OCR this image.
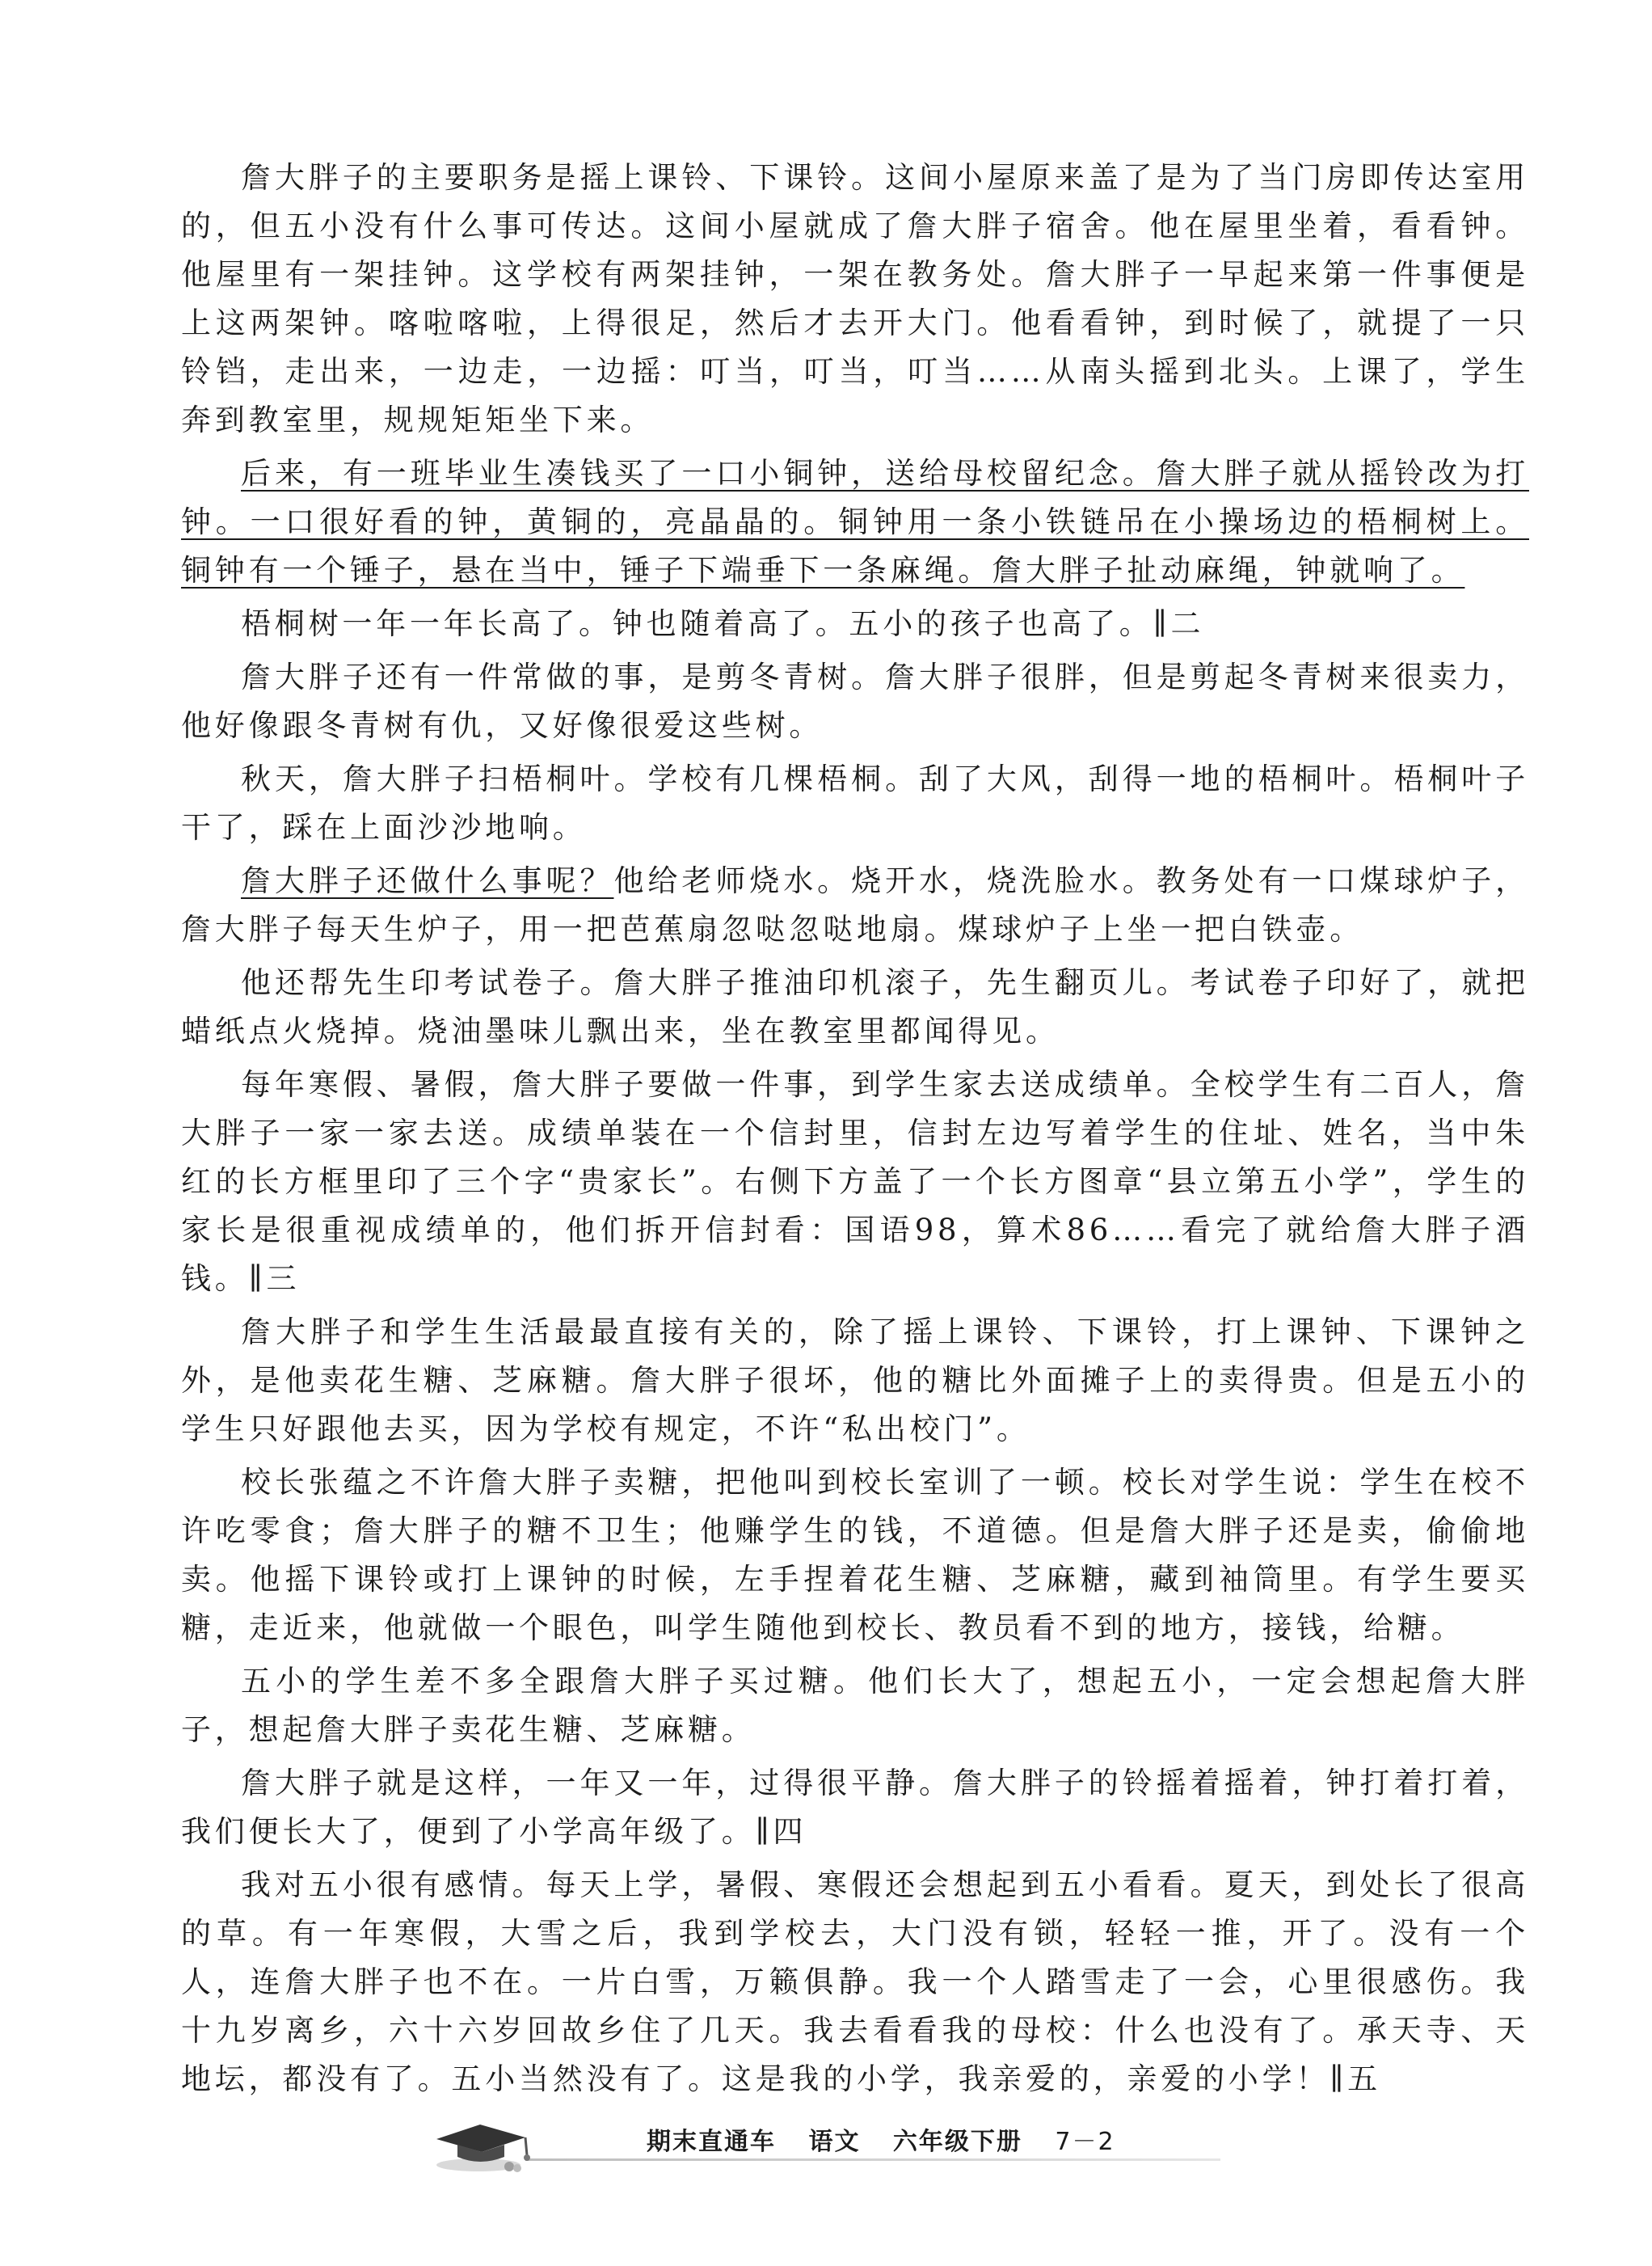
詹大胖子的主要职务是摇上课铃、下课铃。这间小屋原来盖了是为了当门房即传达室用的，但五小没有什么事可传达。这间小屋就成了詹大胖子宿舍。他在屋里坐着，看看钟。他屋里有一架挂钟。这学校有两架挂钟，一架在教务处。詹大胖子一早起来第一件事便是上这两架钟。喀啦喀啦，上得很足，然后才去开大门。他看看钟，到时候了，就提了一只铃铛，走出来，一边走，一边摇：叮当，叮当，叮当……从南头摇到北头。上课了，学生奔到教室里，规规矩矩坐下来。

后来，有一班毕业生凑钱买了一口小铜钟，送给母校留纪念。詹大胖子就从摇铃改为打钟。一口很好看的钟，黄铜的，亮晶晶的。铜钟用一条小铁链吊在小操场边的梧桐树上。铜钟有一个锤子，悬在当中，锤子下端垂下一条麻绳。詹大胖子扯动麻绳，钟就响了。

梧桐树一年一年长高了。钟也随着高了。五小的孩子也高了。∥二

詹大胖子还有一件常做的事，是剪冬青树。詹大胖子很胖，但是剪起冬青树来很卖力，他好像跟冬青树有仇，又好像很爱这些树。

秋天，詹大胖子扫梧桐叶。学校有几棵梧桐。刮了大风，刮得一地的梧桐叶。梧桐叶子干了，踩在上面沙沙地响。

詹大胖子还做什么事呢？他给老师烧水。烧开水，烧洗脸水。教务处有一口煤球炉子，詹大胖子每天生炉子，用一把芭蕉扇忽哒忽哒地扇。煤球炉子上坐一把白铁壶。

他还帮先生印考试卷子。詹大胖子推油印机滚子，先生翻页儿。考试卷子印好了，就把蜡纸点火烧掉。烧油墨味儿飘出来，坐在教室里都闻得见。

每年寒假、暑假，詹大胖子要做一件事，到学生家去送成绩单。全校学生有二百人，詹大胖子一家一家去送。成绩单装在一个信封里，信封左边写着学生的住址、姓名，当中朱红的长方框里印了三个字“贵家长”。右侧下方盖了一个长方图章“县立第五小学”，学生的家长是很重视成绩单的，他们拆开信封看：国语98，算术86……看完了就给詹大胖子酒钱。∥三

詹大胖子和学生生活最最直接有关的，除了摇上课铃、下课铃，打上课钟、下课钟之外，是他卖花生糖、芝麻糖。詹大胖子很坏，他的糖比外面摊子上的卖得贵。但是五小的学生只好跟他去买，因为学校有规定，不许“私出校门”。

校长张蕴之不许詹大胖子卖糖，把他叫到校长室训了一顿。校长对学生说：学生在校不许吃零食；詹大胖子的糖不卫生；他赚学生的钱，不道德。但是詹大胖子还是卖，偷偷地卖。他摇下课铃或打上课钟的时候，左手捏着花生糖、芝麻糖，藏到袖筒里。有学生要买糖，走近来，他就做一个眼色，叫学生随他到校长、教员看不到的地方，接钱，给糖。

五小的学生差不多全跟詹大胖子买过糖。他们长大了，想起五小，一定会想起詹大胖子，想起詹大胖子卖花生糖、芝麻糖。

詹大胖子就是这样，一年又一年，过得很平静。詹大胖子的铃摇着摇着，钟打着打着，我们便长大了，便到了小学高年级了。∥四

我对五小很有感情。每天上学，暑假、寒假还会想起到五小看看。夏天，到处长了很高的草。有一年寒假，大雪之后，我到学校去，大门没有锁，轻轻一推，开了。没有一个人，连詹大胖子也不在。一片白雪，万籁俱静。我一个人踏雪走了一会，心里很感伤。我十九岁离乡，六十六岁回故乡住了几天。我去看看我的母校：什么也没有了。承天寺、天地坛，都没有了。五小当然没有了。这是我的小学，我亲爱的，亲爱的小学！∥五

期末直通车 语文 六年级下册 7－2
